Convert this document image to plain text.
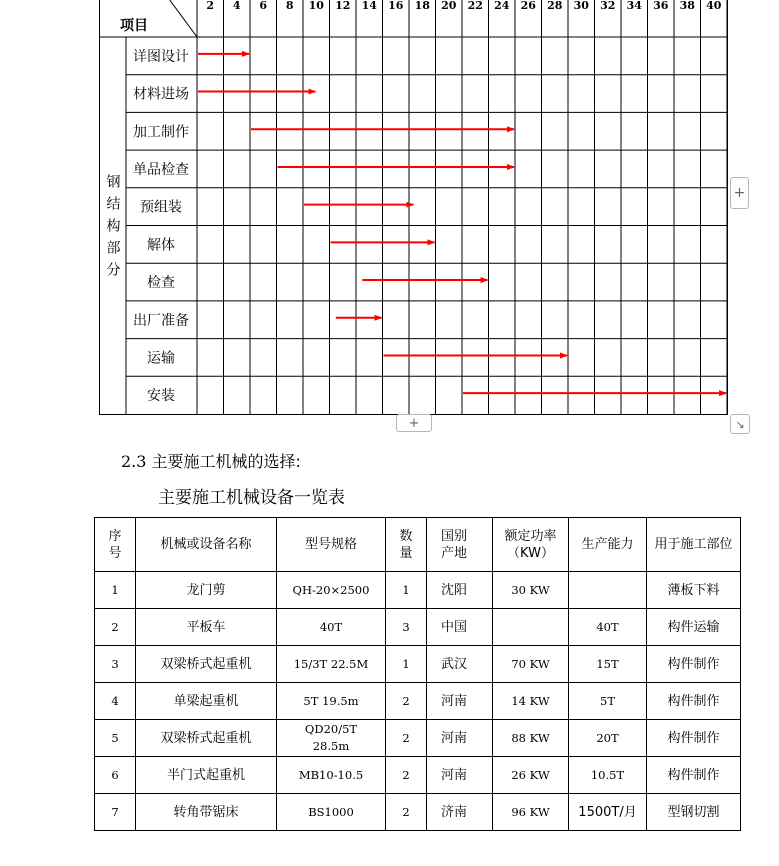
2 4 6 8 10 12 14 16 18 20 22 24 26 28 30 32 34 36 38 40
详图设计
材料进场
加工制作
单品检查
预组装
解体
检查
出厂准备
运输
安装
项目
钢
结
构
部
分
+
+	↘
2.3 主要施工机械的选择:
主要施工机械设备一览表
序
号	机械或设备名称	型号规格	数
量	国别
产地	额定功率
（KW）	生产能力	用于施工部位
1	龙门剪	QH-20×2500	1	沈阳	30 KW		薄板下料
2	平板车	40T	3	中国		40T	构件运输
3	双梁桥式起重机	15/3T 22.5M	1	武汉	70 KW	15T	构件制作
4	单梁起重机	5T 19.5m	2	河南	14 KW	5T	构件制作
5	双梁桥式起重机	QD20/5T
28.5m	2	河南	88 KW	20T	构件制作
6	半门式起重机	MB10-10.5	2	河南	26 KW	10.5T	构件制作
7	转角带锯床	BS1000	2	济南	96 KW	1500T/月	型钢切割
